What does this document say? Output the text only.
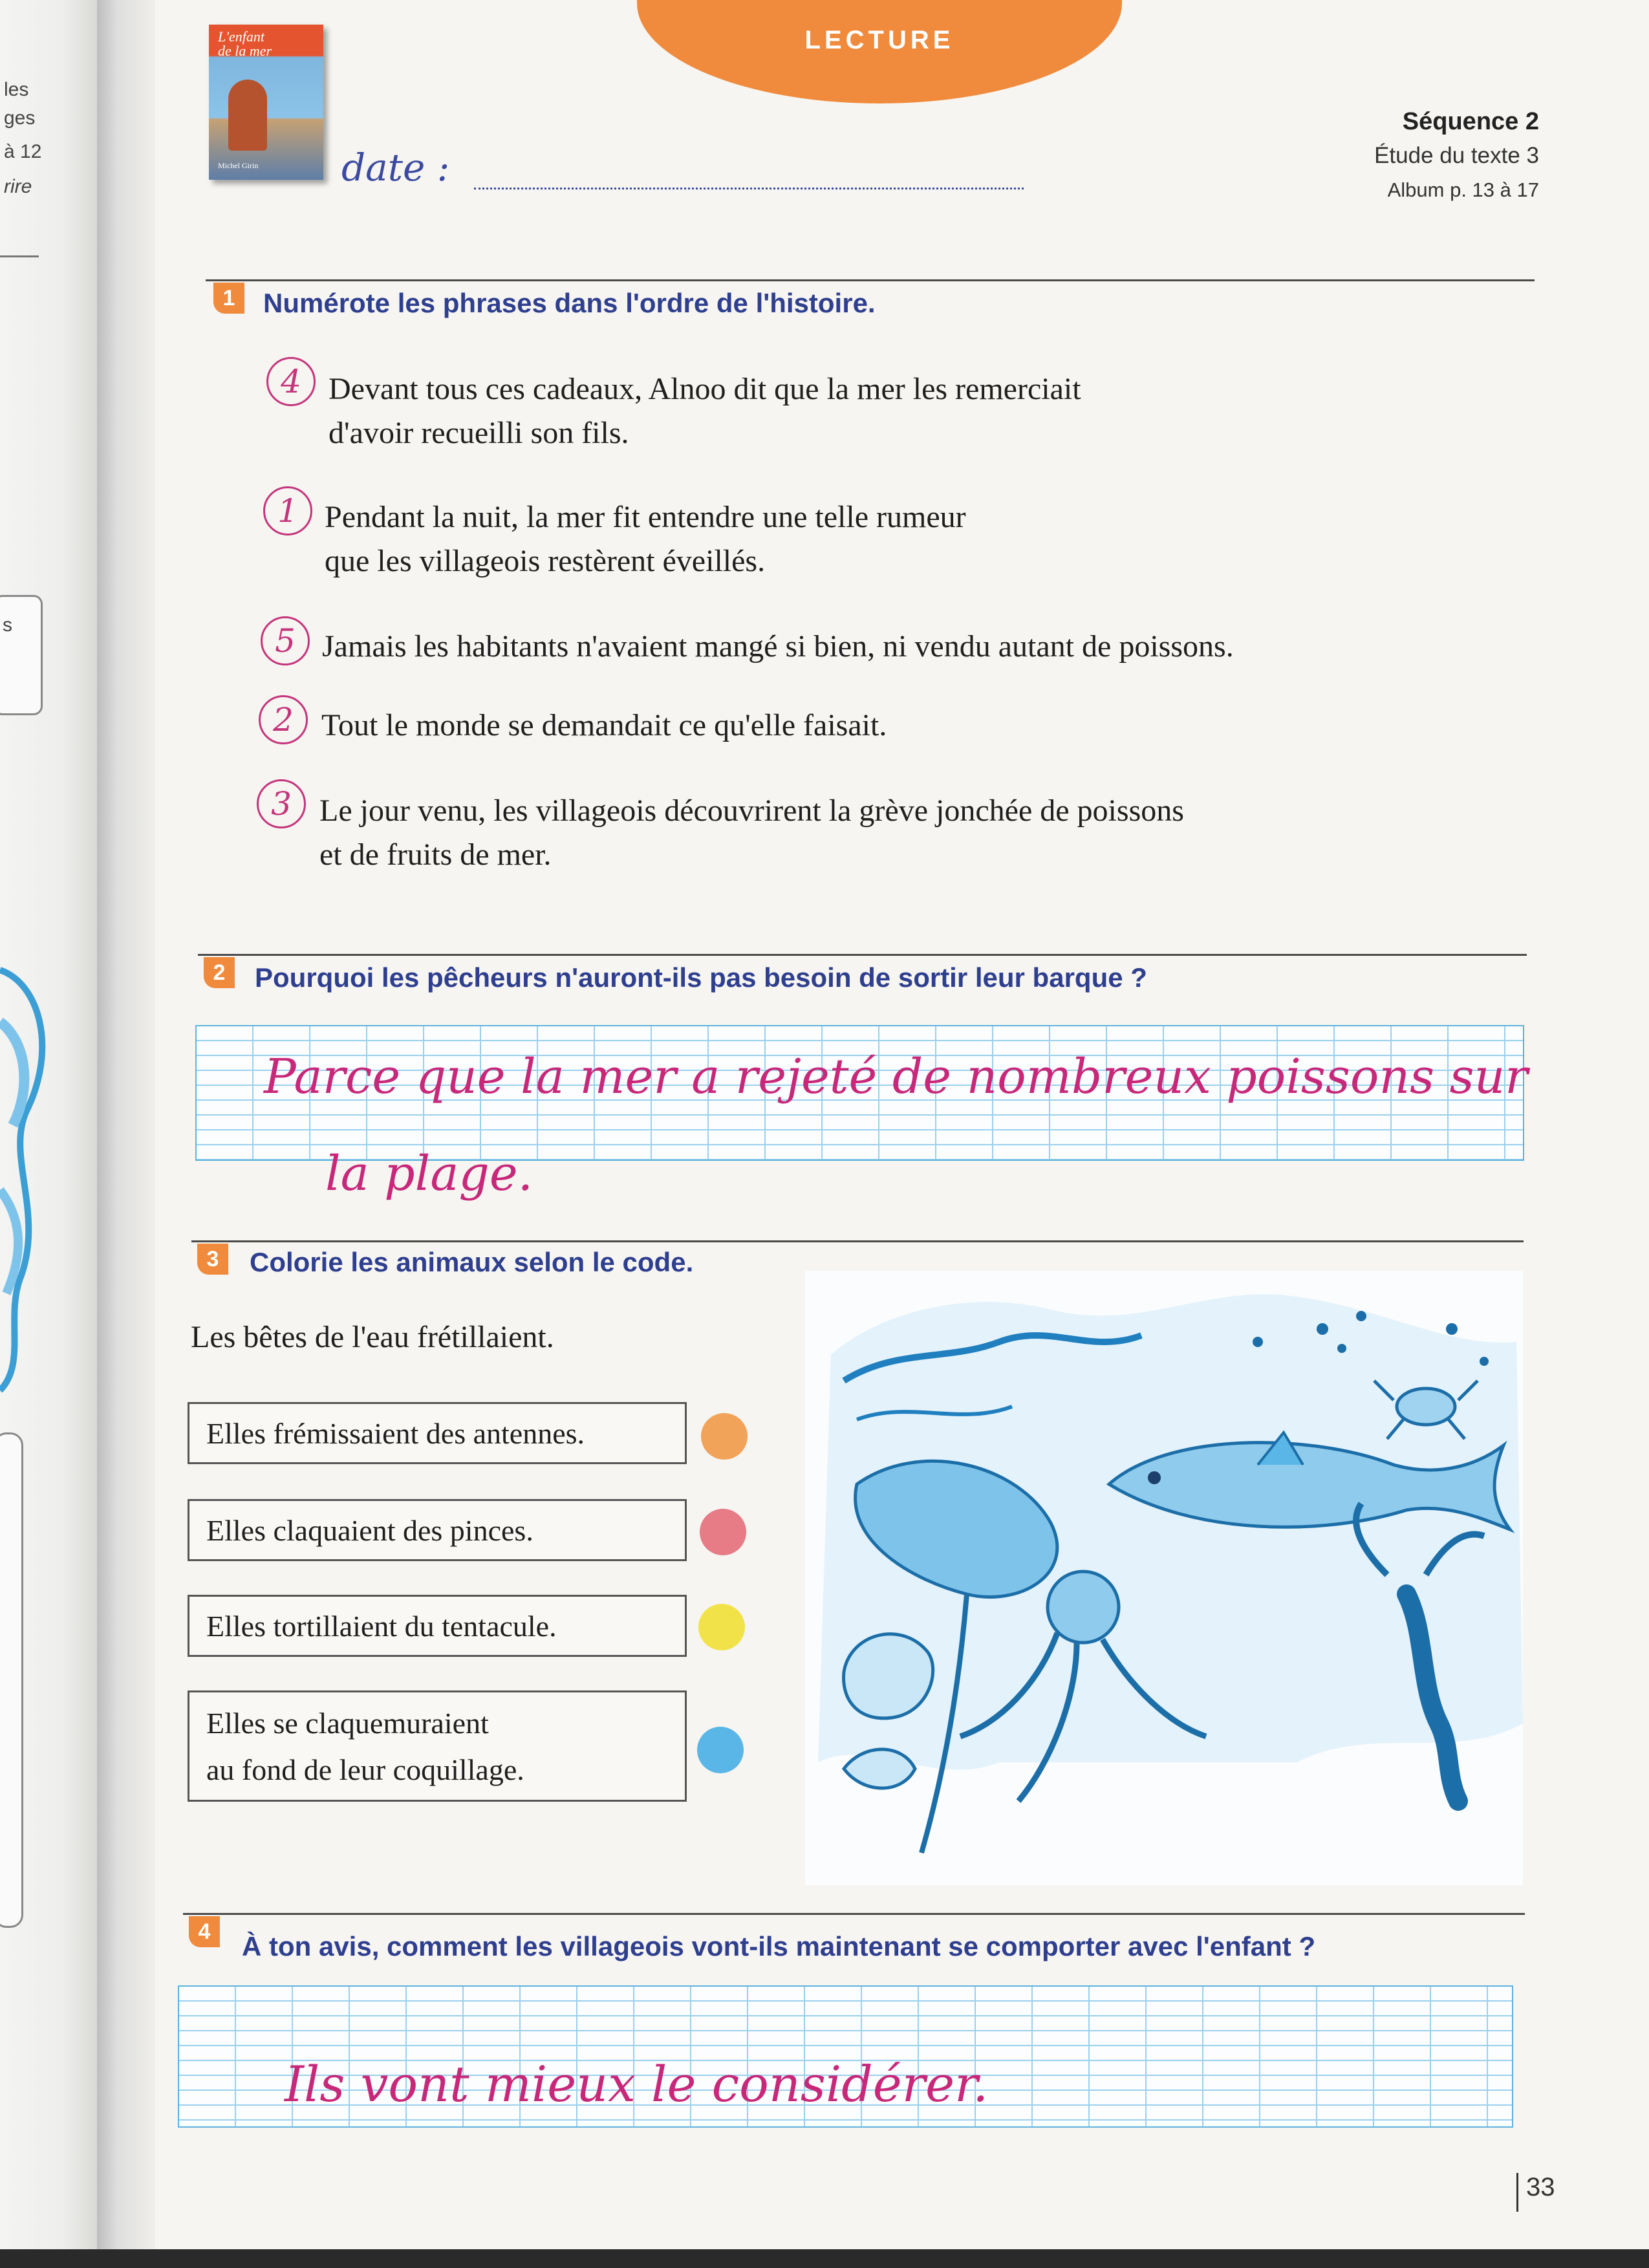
les
ges
à 12
rire
s
LECTURE
L'enfant
de la mer
Michel Girin date :
Séquence 2
Étude du texte 3
Album p. 13 à 17
1	Numérote les phrases dans l'ordre de l'histoire.
4 Devant tous ces cadeaux, Alnoo dit que la mer les remerciait
d'avoir recueilli son fils.
1 Pendant la nuit, la mer fit entendre une telle rumeur
que les villageois restèrent éveillés.
5 Jamais les habitants n'avaient mangé si bien, ni vendu autant de poissons.
2 Tout le monde se demandait ce qu'elle faisait.
3 Le jour venu, les villageois découvrirent la grève jonchée de poissons
et de fruits de mer.
2	Pourquoi les pêcheurs n'auront-ils pas besoin de sortir leur barque ?
Parce que la mer a rejeté de nombreux poissons sur
la plage.
3	Colorie les animaux selon le code.
Les bêtes de l'eau frétillaient.
Elles frémissaient des antennes.
Elles claquaient des pinces.
Elles tortillaient du tentacule.
Elles se claquemuraient
au fond de leur coquillage.
4	À ton avis, comment les villageois vont-ils maintenant se comporter avec l'enfant ?
Ils vont mieux le considérer.
33
